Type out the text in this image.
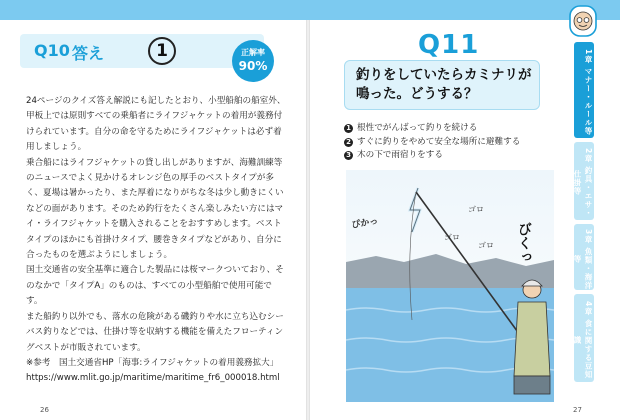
Q10 答え	1	正解率
90%

24ページのクイズ答え解説にも記したとおり、小型船舶の船室外、甲板上では原則すべての乗船者にライフジャケットの着用が義務付けられています。自分の命を守るためにライフジャケットは必ず着用しましょう。

乗合船にはライフジャケットの貸し出しがありますが、海難訓練等のニュースでよく見かけるオレンジ色の厚手のベストタイプが多く、夏場は暑かったり、また厚着になりがちな冬は少し動きにくいなどの面があります。そのため釣行をたくさん楽しみたい方にはマイ・ライフジャケットを購入されることをおすすめします。ベストタイプのほかにも首掛けタイプ、腰巻きタイプなどがあり、自分に合ったものを選ぶようにしましょう。

国土交通省の安全基準に適合した製品には桜マークついており、そのなかで「タイプA」のものは、すべての小型船舶で使用可能です。

また船釣り以外でも、落水の危険がある磯釣りや水に立ち込むシーバス釣りなどでは、仕掛け等を収納する機能を備えたフローティングベストが市販されています。

※参考　国土交通省HP「海事:ライフジャケットの着用義務拡大」https://www.mlit.go.jp/maritime/maritime_fr6_000018.html

26
Q11

釣りをしていたらカミナリが鳴った。どうする？

1 根性でがんばって釣りを続ける
2 すぐに釣りをやめて安全な場所に避難する
3 木の下で雨宿りをする
ぴかっ
ゴロ
ゴロ
ゴロ びくっ
1章 マナー・ルール等
2章 釣具・エサ・仕掛等
3章 魚類・海洋等
4章 食に関する豆知識
27
